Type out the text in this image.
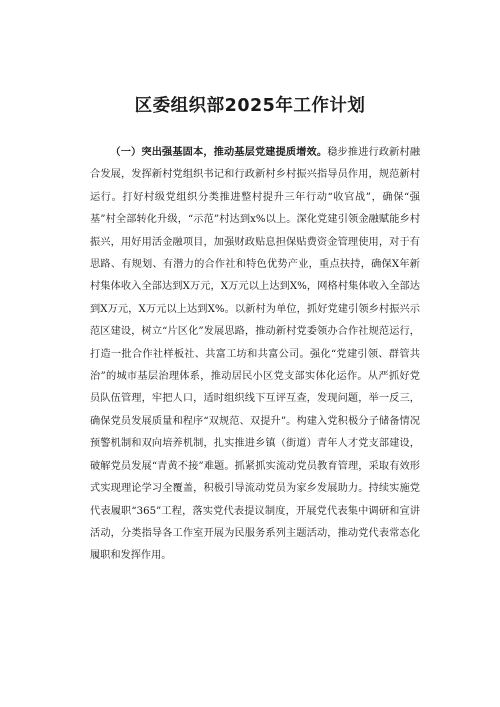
区委组织部2025年工作计划

（一）突出强基固本，推动基层党建提质增效。稳步推进行政新村融合发展，发挥新村党组织书记和行政新村乡村振兴指导员作用，规范新村运行。打好村级党组织分类推进整村提升三年行动“收官战”，确保“强基”村全部转化升级，“示范”村达到x%以上。深化党建引领金融赋能乡村振兴，用好用活金融项目，加强财政贴息担保贴费资金管理使用，对于有思路、有规划、有潜力的合作社和特色优势产业，重点扶持，确保X年新村集体收入全部达到X万元，X万元以上达到X%，网格村集体收入全部达到X万元，X万元以上达到X%。以新村为单位，抓好党建引领乡村振兴示范区建设，树立“片区化”发展思路，推动新村党委领办合作社规范运行，打造一批合作社样板社、共富工坊和共富公司。强化“党建引领、群管共治”的城市基层治理体系，推动居民小区党支部实体化运作。从严抓好党员队伍管理，牢把人口，适时组织线下互评互查，发现问题，举一反三，确保党员发展质量和程序“双规范、双提升”。构建入党积极分子储备情况预警机制和双向培养机制，扎实推进乡镇（街道）青年人才党支部建设，破解党员发展“青黄不接”难题。抓紧抓实流动党员教育管理，采取有效形式实现理论学习全覆盖，积极引导流动党员为家乡发展助力。持续实施党代表履职“365”工程，落实党代表提议制度，开展党代表集中调研和宣讲活动，分类指导各工作室开展为民服务系列主题活动，推动党代表常态化履职和发挥作用。
